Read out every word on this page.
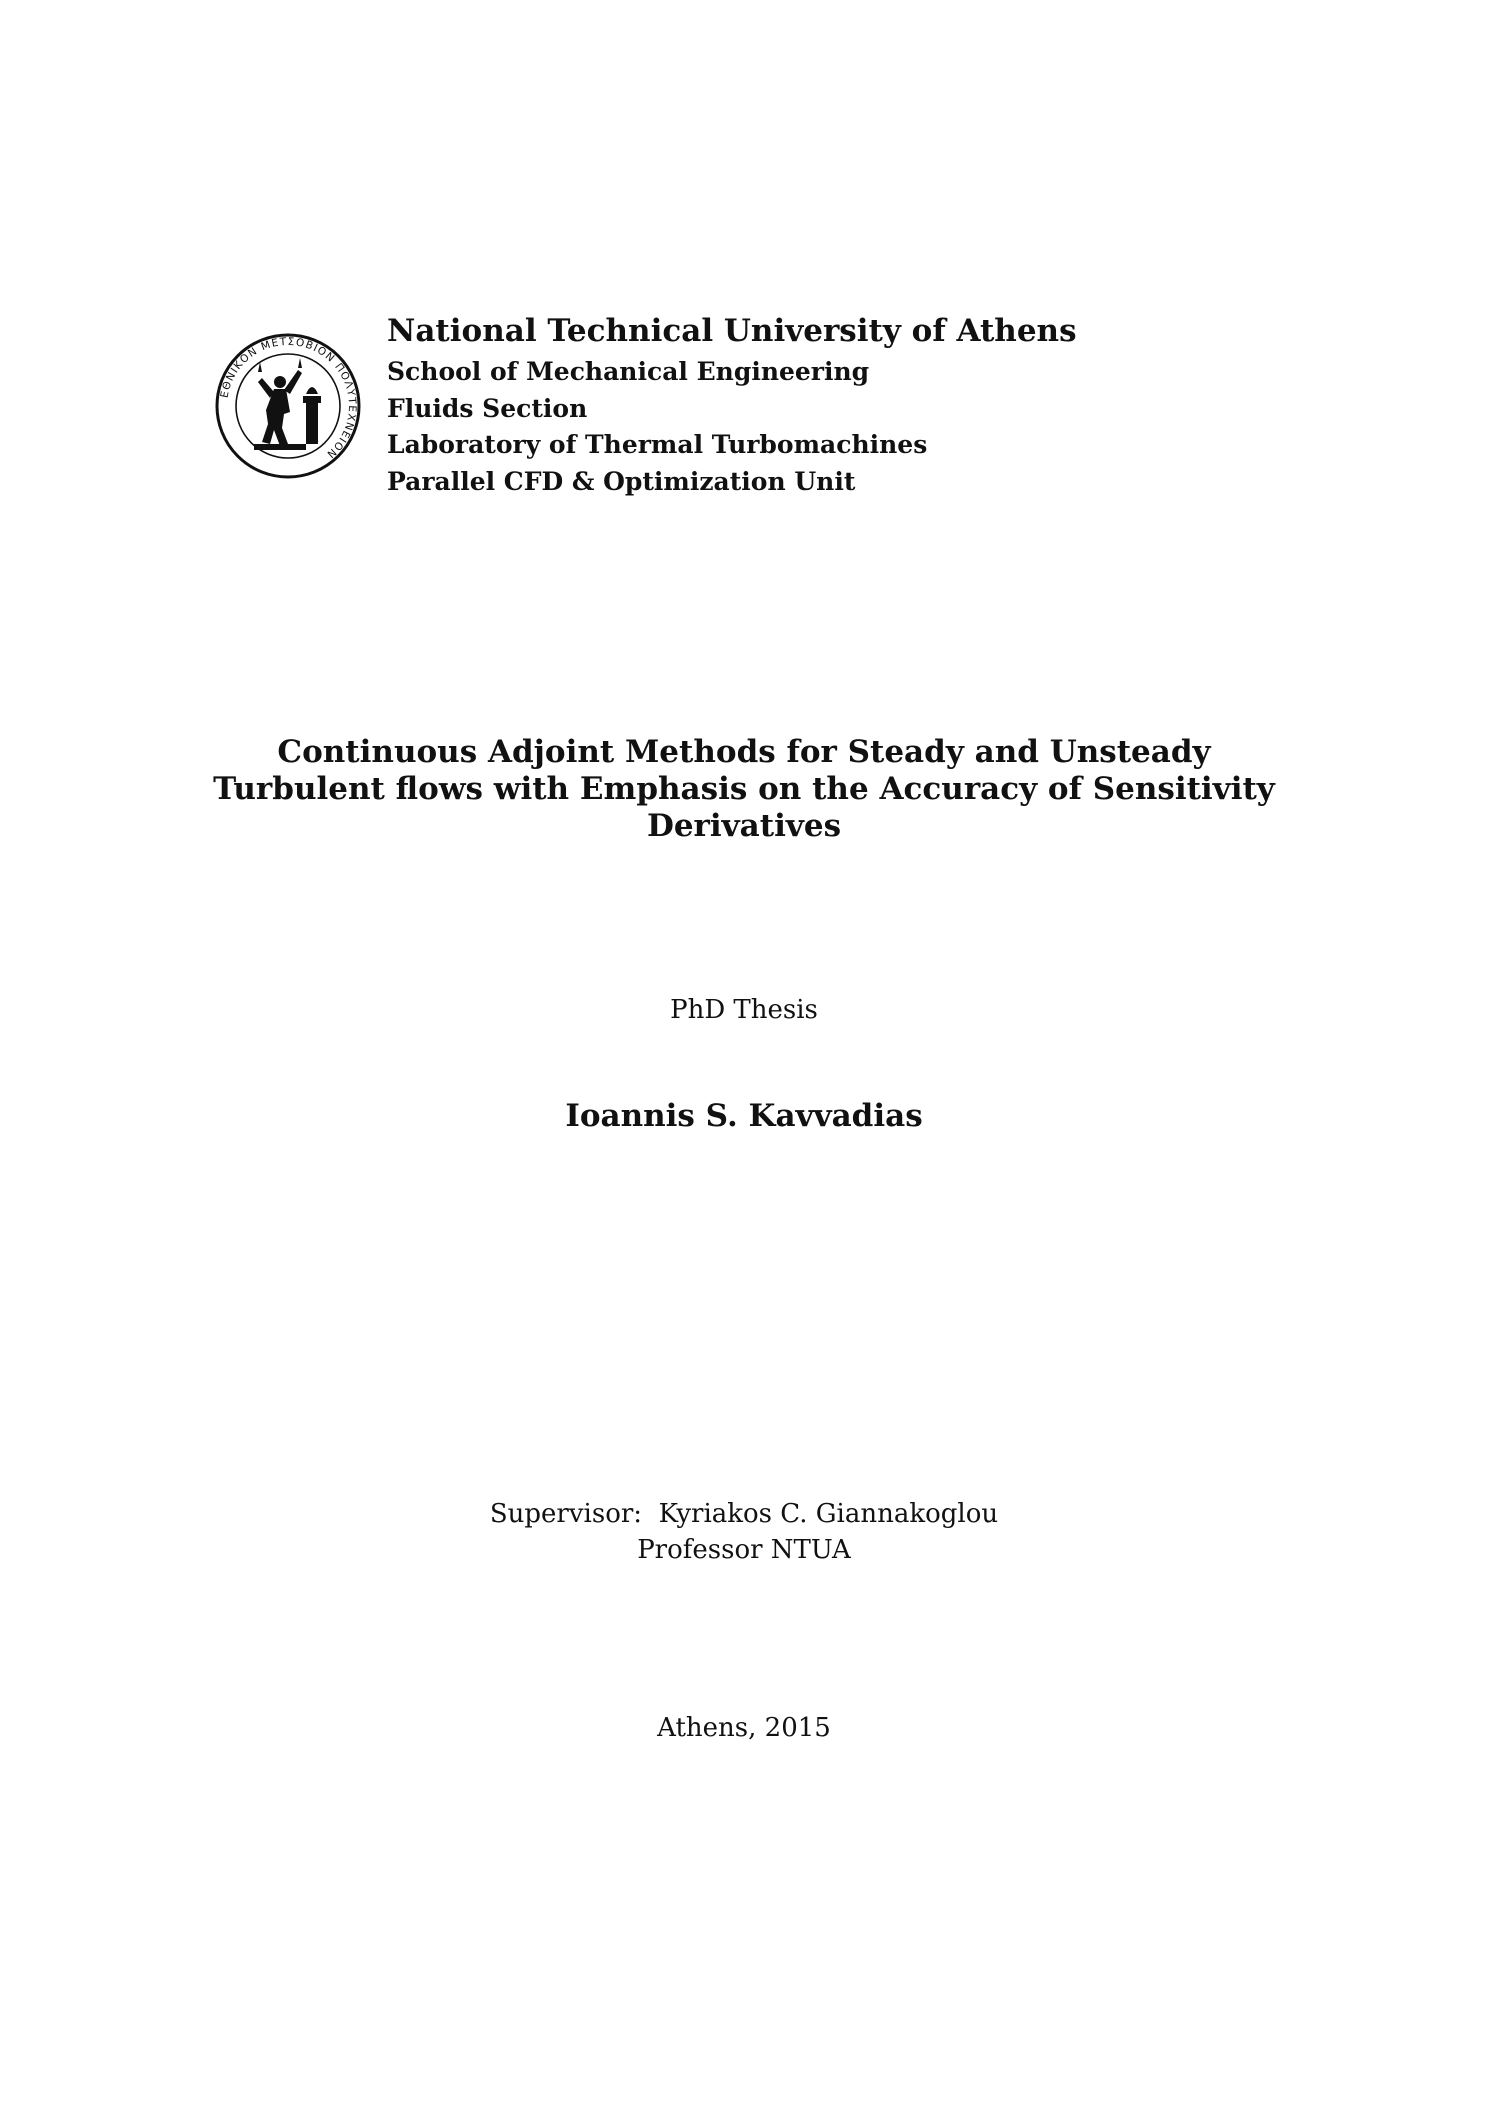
ΕΘΝΙΚΟΝ ΜΕΤΣΟΒΙΟΝ ΠΟΛΥΤΕΧΝΕΙΟΝ
National Technical University of Athens
School of Mechanical Engineering
Fluids Section
Laboratory of Thermal Turbomachines
Parallel CFD & Optimization Unit
Continuous Adjoint Methods for Steady and Unsteady
Turbulent flows with Emphasis on the Accuracy of Sensitivity
Derivatives
PhD Thesis
Ioannis S. Kavvadias
Supervisor:  Kyriakos C. Giannakoglou
Professor NTUA
Athens, 2015
